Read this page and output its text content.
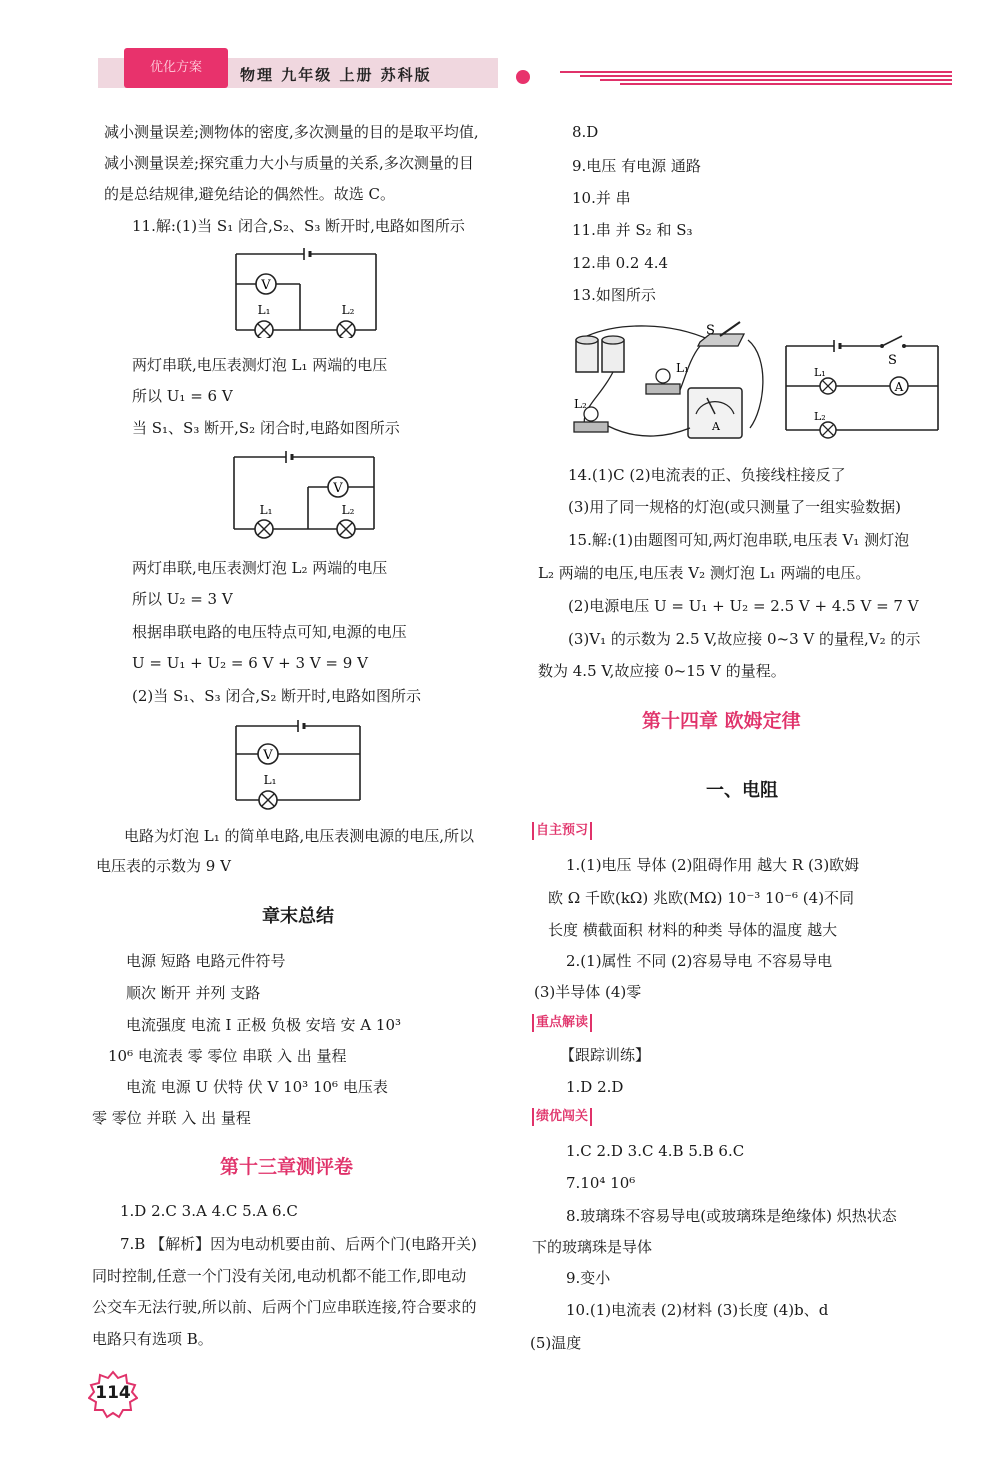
优化方案	物理 九年级 上册 苏科版
减小测量误差;测物体的密度,多次测量的目的是取平均值,
减小测量误差;探究重力大小与质量的关系,多次测量的目
的是总结规律,避免结论的偶然性。故选 C。
11.解:(1)当 S₁ 闭合,S₂、S₃ 断开时,电路如图所示
V
L₁	L₂
两灯串联,电压表测灯泡 L₁ 两端的电压
所以 U₁ = 6 V
当 S₁、S₃ 断开,S₂ 闭合时,电路如图所示
V
L₁	L₂
两灯串联,电压表测灯泡 L₂ 两端的电压
所以 U₂ = 3 V
根据串联电路的电压特点可知,电源的电压
U = U₁ + U₂ = 6 V + 3 V = 9 V
(2)当 S₁、S₃ 闭合,S₂ 断开时,电路如图所示
V
L₁
电路为灯泡 L₁ 的简单电路,电压表测电源的电压,所以
电压表的示数为 9 V
章末总结
电源 短路 电路元件符号
顺次 断开 并列 支路
电流强度 电流 I 正极 负极 安培 安 A 10³
10⁶ 电流表 零 零位 串联 入 出 量程
电流 电源 U 伏特 伏 V 10³ 10⁶ 电压表
零 零位 并联 入 出 量程
第十三章测评卷
1.D 2.C 3.A 4.C 5.A 6.C
7.B 【解析】因为电动机要由前、后两个门(电路开关)
同时控制,任意一个门没有关闭,电动机都不能工作,即电动
公交车无法行驶,所以前、后两个门应串联连接,符合要求的
电路只有选项 B。
8.D
9.电压 有电源 通路
10.并 串
11.串 并 S₂ 和 S₃
12.串 0.2 4.4
13.如图所示
S
L₁
L₂
A
S
L₁
A
L₂
14.(1)C (2)电流表的正、负接线柱接反了
(3)用了同一规格的灯泡(或只测量了一组实验数据)
15.解:(1)由题图可知,两灯泡串联,电压表 V₁ 测灯泡
L₂ 两端的电压,电压表 V₂ 测灯泡 L₁ 两端的电压。
(2)电源电压 U = U₁ + U₂ = 2.5 V + 4.5 V = 7 V
(3)V₁ 的示数为 2.5 V,故应接 0~3 V 的量程,V₂ 的示
数为 4.5 V,故应接 0~15 V 的量程。
第十四章 欧姆定律
一、电阻
自主预习
1.(1)电压 导体 (2)阻碍作用 越大 R (3)欧姆
欧 Ω 千欧(kΩ) 兆欧(MΩ) 10⁻³ 10⁻⁶ (4)不同
长度 横截面积 材料的种类 导体的温度 越大
2.(1)属性 不同 (2)容易导电 不容易导电
(3)半导体 (4)零
重点解读
【跟踪训练】
1.D 2.D
绩优闯关
1.C 2.D 3.C 4.B 5.B 6.C
7.10⁴ 10⁶
8.玻璃珠不容易导电(或玻璃珠是绝缘体) 炽热状态
下的玻璃珠是导体
9.变小
10.(1)电流表 (2)材料 (3)长度 (4)b、d
(5)温度
114
